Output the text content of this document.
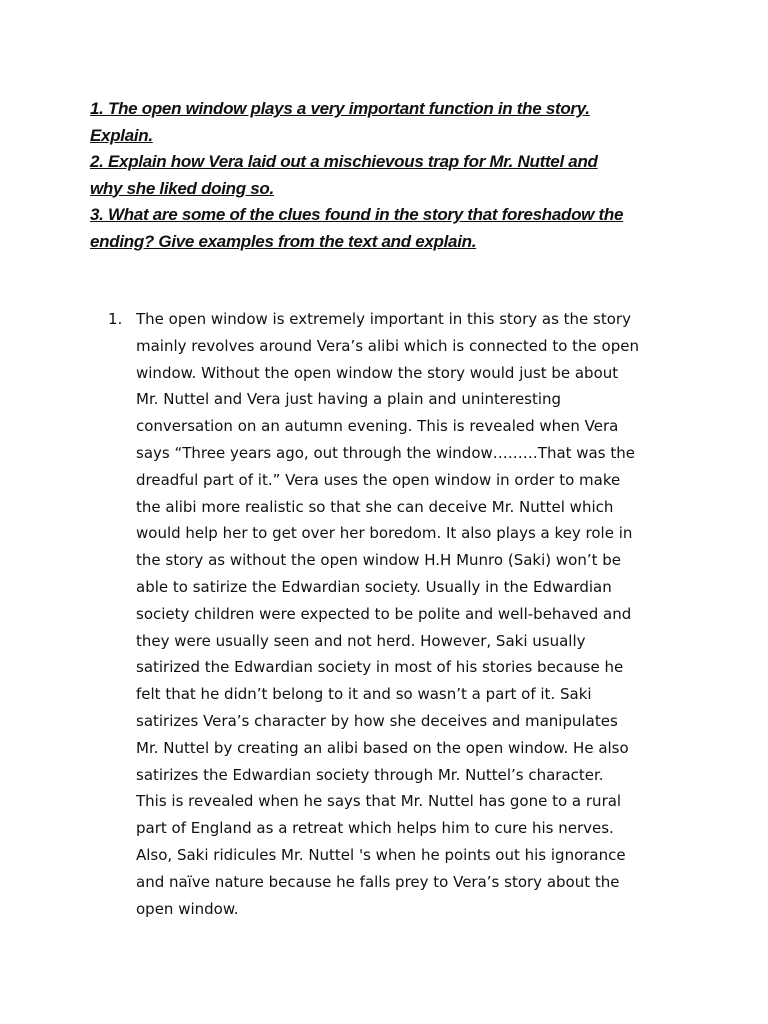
1. The open window plays a very important function in the story.
Explain.
2. Explain how Vera laid out a mischievous trap for Mr. Nuttel and
why she liked doing so.
3. What are some of the clues found in the story that foreshadow the
ending? Give examples from the text and explain.
1. The open window is extremely important in this story as the story
mainly revolves around Vera’s alibi which is connected to the open
window. Without the open window the story would just be about
Mr. Nuttel and Vera just having a plain and uninteresting
conversation on an autumn evening. This is revealed when Vera
says “Three years ago, out through the window………That was the
dreadful part of it.” Vera uses the open window in order to make
the alibi more realistic so that she can deceive Mr. Nuttel which
would help her to get over her boredom. It also plays a key role in
the story as without the open window H.H Munro (Saki) won’t be
able to satirize the Edwardian society. Usually in the Edwardian
society children were expected to be polite and well-behaved and
they were usually seen and not herd. However, Saki usually
satirized the Edwardian society in most of his stories because he
felt that he didn’t belong to it and so wasn’t a part of it. Saki
satirizes Vera’s character by how she deceives and manipulates
Mr. Nuttel by creating an alibi based on the open window. He also
satirizes the Edwardian society through Mr. Nuttel’s character.
This is revealed when he says that Mr. Nuttel has gone to a rural
part of England as a retreat which helps him to cure his nerves.
Also, Saki ridicules Mr. Nuttel 's when he points out his ignorance
and naïve nature because he falls prey to Vera’s story about the
open window.
